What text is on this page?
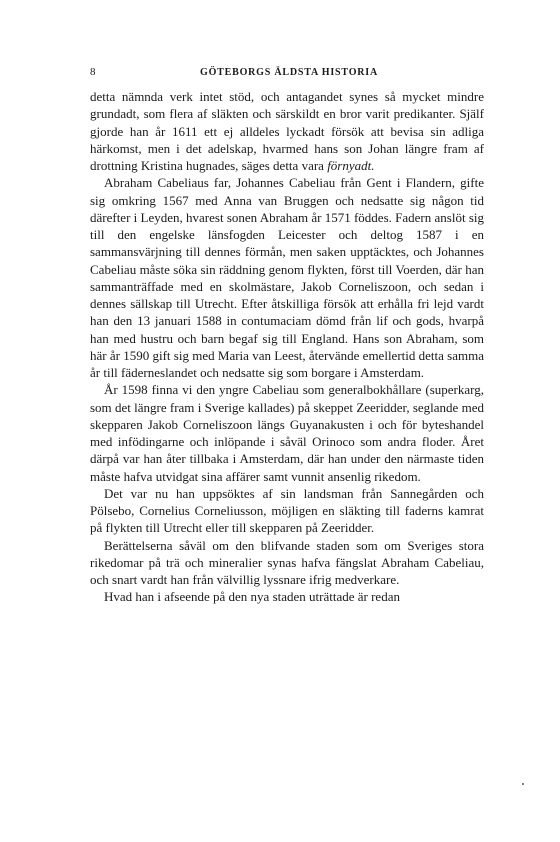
8	GÖTEBORGS ÄLDSTA HISTORIA

detta nämnda verk intet stöd, och antagandet synes så mycket mindre grundadt, som flera af släkten och särskildt en bror varit predikanter. Själf gjorde han år 1611 ett ej alldeles lyckadt försök att bevisa sin adliga härkomst, men i det adelskap, hvarmed hans son Johan längre fram af drottning Kristina hugnades, säges detta vara förnyadt.

Abraham Cabeliaus far, Johannes Cabeliau från Gent i Flandern, gifte sig omkring 1567 med Anna van Bruggen och nedsatte sig någon tid därefter i Leyden, hvarest sonen Abraham år 1571 föddes. Fadern anslöt sig till den engelske länsfogden Leicester och deltog 1587 i en sammansvärjning till dennes förmån, men saken upptäcktes, och Johannes Cabeliau måste söka sin räddning genom flykten, först till Voerden, där han sammanträffade med en skolmästare, Jakob Corneliszoon, och sedan i dennes sällskap till Utrecht. Efter åtskilliga försök att erhålla fri lejd vardt han den 13 januari 1588 in contumaciam dömd från lif och gods, hvarpå han med hustru och barn begaf sig till England. Hans son Abraham, som här år 1590 gift sig med Maria van Leest, återvände emellertid detta samma år till fäderneslandet och nedsatte sig som borgare i Amsterdam.

År 1598 finna vi den yngre Cabeliau som generalbokhållare (superkarg, som det längre fram i Sverige kallades) på skeppet Zeeridder, seglande med skepparen Jakob Corneliszoon längs Guyanakusten i och för byteshandel med infödingarne och inlöpande i såväl Orinoco som andra floder. Året därpå var han åter tillbaka i Amsterdam, där han under den närmaste tiden måste hafva utvidgat sina affärer samt vunnit ansenlig rikedom.

Det var nu han uppsöktes af sin landsman från Sannegården och Pölsebo, Cornelius Corneliusson, möjligen en släkting till faderns kamrat på flykten till Utrecht eller till skepparen på Zeeridder.

Berättelserna såväl om den blifvande staden som om Sveriges stora rikedomar på trä och mineralier synas hafva fängslat Abraham Cabeliau, och snart vardt han från välvillig lyssnare ifrig medverkare.

Hvad han i afseende på den nya staden uträttade är redan
